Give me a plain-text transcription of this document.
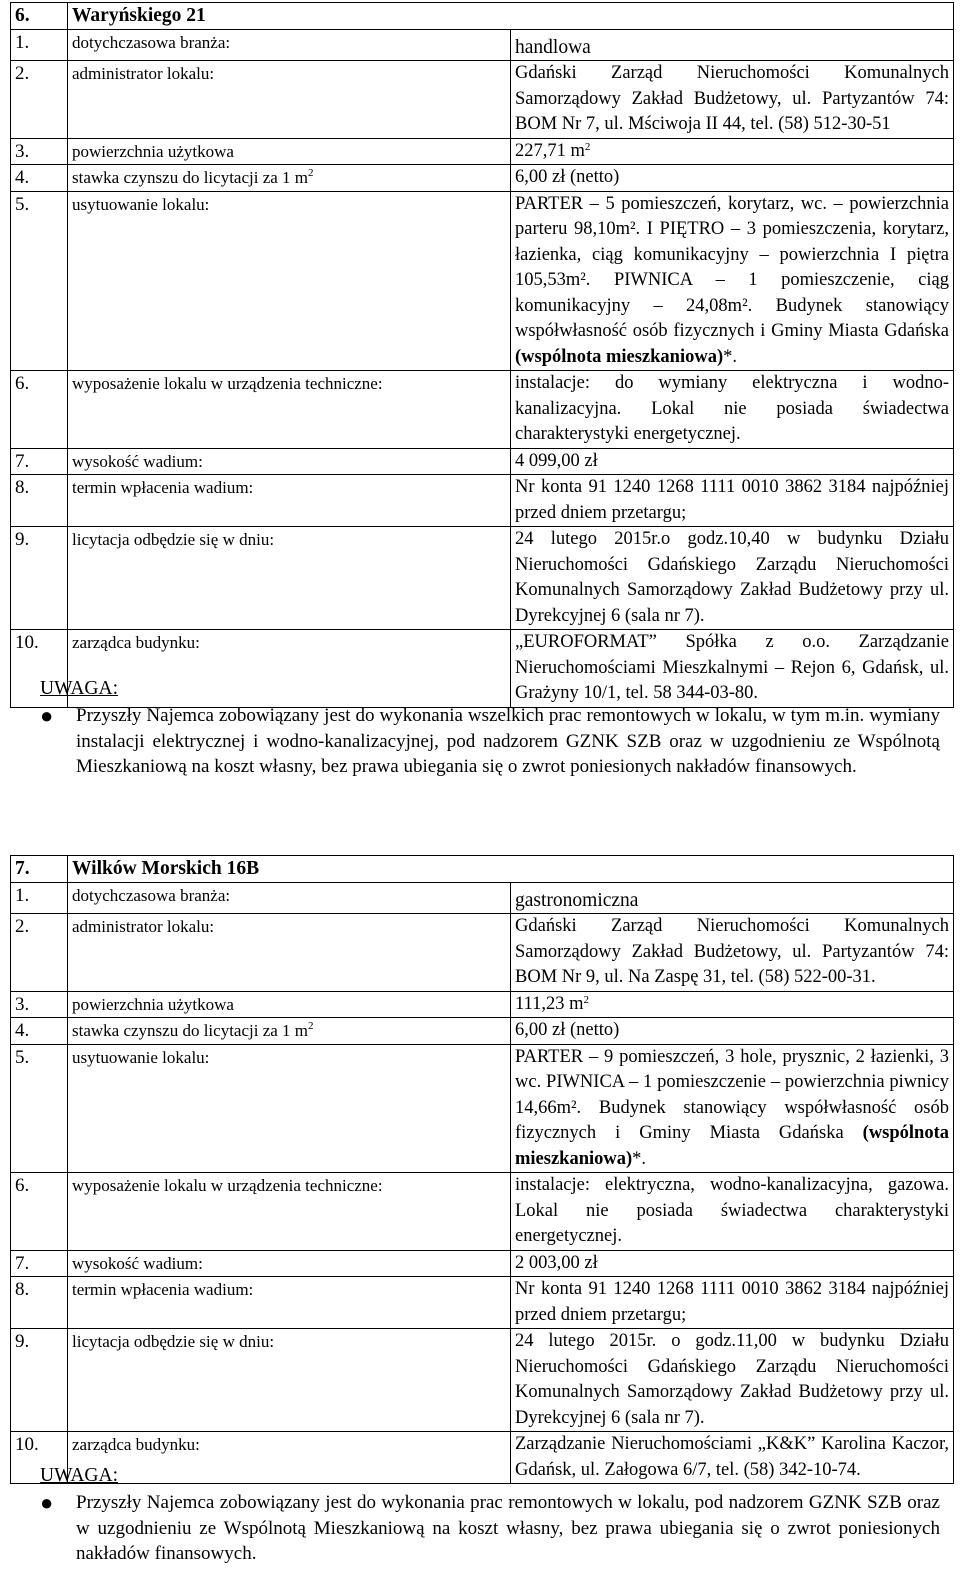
6.	Waryńskiego 21	
1.	dotychczasowa branża:	handlowa
2.	administrator lokalu:	Gdański Zarząd Nieruchomości Komunalnych Samorządowy Zakład Budżetowy, ul. Partyzantów 74: BOM Nr 7, ul. Mściwoja II 44, tel. (58) 512-30-51
3.	powierzchnia użytkowa	227,71 $m^2$
4.	stawka czynszu do licytacji za 1 $m^2$	6,00 zł (netto)
5.	usytuowanie lokalu:	PARTER – 5 pomieszczeń, korytarz, wc. – powierzchnia parteru 98,10m². I PIĘTRO – 3 pomieszczenia, korytarz, łazienka, ciąg komunikacyjny – powierzchnia I piętra 105,53m². PIWNICA – 1 pomieszczenie, ciąg komunikacyjny – 24,08m². Budynek stanowiący współwłasność osób fizycznych i Gminy Miasta Gdańska (wspólnota mieszkaniowa)*.
6.	wyposażenie lokalu w urządzenia techniczne:	instalacje: do wymiany elektryczna i wodno-kanalizacyjna. Lokal nie posiada świadectwa charakterystyki energetycznej.
7.	wysokość wadium:	4 099,00 zł
8.	termin wpłacenia wadium:	Nr konta 91 1240 1268 1111 0010 3862 3184 najpóźniej przed dniem przetargu;
9.	licytacja odbędzie się w dniu:	24 lutego 2015r.o godz.10,40 w budynku Działu Nieruchomości Gdańskiego Zarządu Nieruchomości Komunalnych Samorządowy Zakład Budżetowy przy ul. Dyrekcyjnej 6 (sala nr 7).
10.	zarządca budynku:	„EUROFORMAT” Spółka z o.o. Zarządzanie Nieruchomościami Mieszkalnymi – Rejon 6, Gdańsk, ul. Grażyny 10/1, tel. 58 344-03-80.
UWAGA:
●	Przyszły Najemca zobowiązany jest do wykonania wszelkich prac remontowych w lokalu, w tym m.in. wymiany instalacji elektrycznej i wodno-kanalizacyjnej, pod nadzorem GZNK SZB oraz w uzgodnieniu ze Wspólnotą Mieszkaniową na koszt własny, bez prawa ubiegania się o zwrot poniesionych nakładów finansowych.
7.	Wilków Morskich 16B	
1.	dotychczasowa branża:	gastronomiczna
2.	administrator lokalu:	Gdański Zarząd Nieruchomości Komunalnych Samorządowy Zakład Budżetowy, ul. Partyzantów 74: BOM Nr 9, ul. Na Zaspę 31, tel. (58) 522-00-31.
3.	powierzchnia użytkowa	111,23 $m^2$
4.	stawka czynszu do licytacji za 1 $m^2$	6,00 zł (netto)
5.	usytuowanie lokalu:	PARTER – 9 pomieszczeń, 3 hole, prysznic, 2 łazienki, 3 wc. PIWNICA – 1 pomieszczenie – powierzchnia piwnicy 14,66m². Budynek stanowiący współwłasność osób fizycznych i Gminy Miasta Gdańska (wspólnota mieszkaniowa)*.
6.	wyposażenie lokalu w urządzenia techniczne:	instalacje: elektryczna, wodno-kanalizacyjna, gazowa. Lokal nie posiada świadectwa charakterystyki energetycznej.
7.	wysokość wadium:	2 003,00 zł
8.	termin wpłacenia wadium:	Nr konta 91 1240 1268 1111 0010 3862 3184 najpóźniej przed dniem przetargu;
9.	licytacja odbędzie się w dniu:	24 lutego 2015r. o godz.11,00 w budynku Działu Nieruchomości Gdańskiego Zarządu Nieruchomości Komunalnych Samorządowy Zakład Budżetowy przy ul. Dyrekcyjnej 6 (sala nr 7).
10.	zarządca budynku:	Zarządzanie Nieruchomościami „K&K” Karolina Kaczor, Gdańsk, ul. Załogowa 6/7, tel. (58) 342-10-74.
UWAGA:
●	Przyszły Najemca zobowiązany jest do wykonania prac remontowych w lokalu, pod nadzorem GZNK SZB oraz w uzgodnieniu ze Wspólnotą Mieszkaniową na koszt własny, bez prawa ubiegania się o zwrot poniesionych nakładów finansowych.
